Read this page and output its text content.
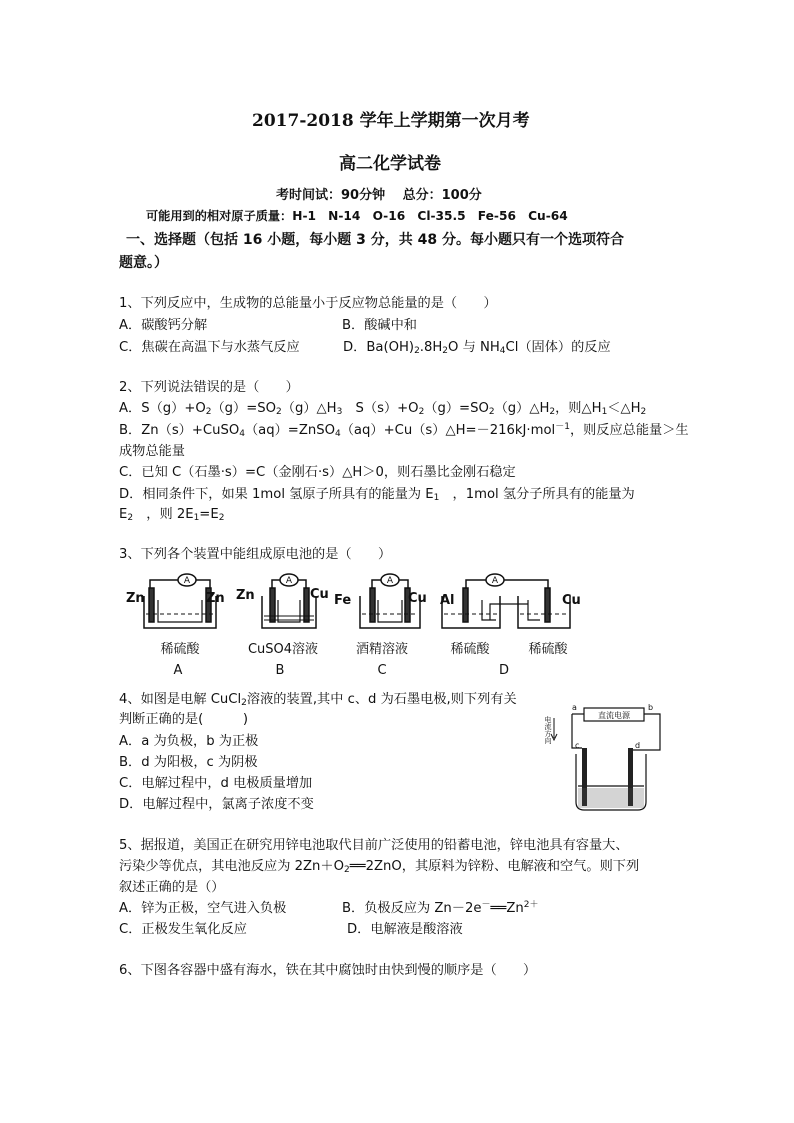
2017-2018 学年上学期第一次月考
高二化学试卷
考时间试：90分钟　 总分：100分
可能用到的相对原子质量：H-1　N-14　O-16　Cl-35.5　Fe-56　Cu-64
一、选择题（包括 16 小题，每小题 3 分，共 48 分。每小题只有一个选项符合
题意。）
1、下列反应中，生成物的总能量小于反应物总能量的是（　　）
A．碳酸钙分解	B．酸碱中和
C．焦碳在高温下与水蒸气反应	D．$Ba(OH)_2.8H_2O$ 与 $NH_4Cl$（固体）的反应
2、下列说法错误的是（　　）
A．$S(g)+O_2(g)=SO_2(g)\triangle H_3$　$S(s)+O_2(g)=SO_2(g)\triangle H_2$，则$\triangle H_1<\triangle H_2$
B．Zn（s）+CuSO$_4$（aq）=ZnSO$_4$（aq）+Cu（s）△H=－216kJ·mol$^{-1}$，则反应总能量＞生
成物总能量
C．已知 C（石墨·s）=C（金刚石·s）△H＞0，则石墨比金刚石稳定
D．相同条件下，如果 1mol 氢原子所具有的能量为 $E_1$　，1mol 氢分子所具有的能量为
$E_2$　，则 $2E_1=E_2$
3、下列各个装置中能组成原电池的是（　　）
A	A	A	A
Zn	Zn Zn	Cu Fe	Cu Al	Cu
稀硫酸	CuSO4溶液	酒精溶液	稀硫酸	稀硫酸
A	B	C	D
4、如图是电解 CuCl$_2$溶液的装置,其中 c、d 为石墨电极,则下列有关
判断正确的是(　　　)
A．a 为负极，b 为正极
B．d 为阳极，c 为阴极
C．电解过程中，d 电极质量增加
D．电解过程中，氯离子浓度不变
直流电源
a	b
c	d
电流方向
5、据报道，美国正在研究用锌电池取代目前广泛使用的铅蓄电池，锌电池具有容量大、
污染少等优点，其电池反应为 $2Zn+O_2══2ZnO$，其原料为锌粉、电解液和空气。则下列
叙述正确的是（）
A．锌为正极，空气进入负极	B．负极反应为 $Zn-2e^-══Zn^{2+}$
C．正极发生氧化反应	D．电解液是酸溶液
6、下图各容器中盛有海水，铁在其中腐蚀时由快到慢的顺序是（　　）
